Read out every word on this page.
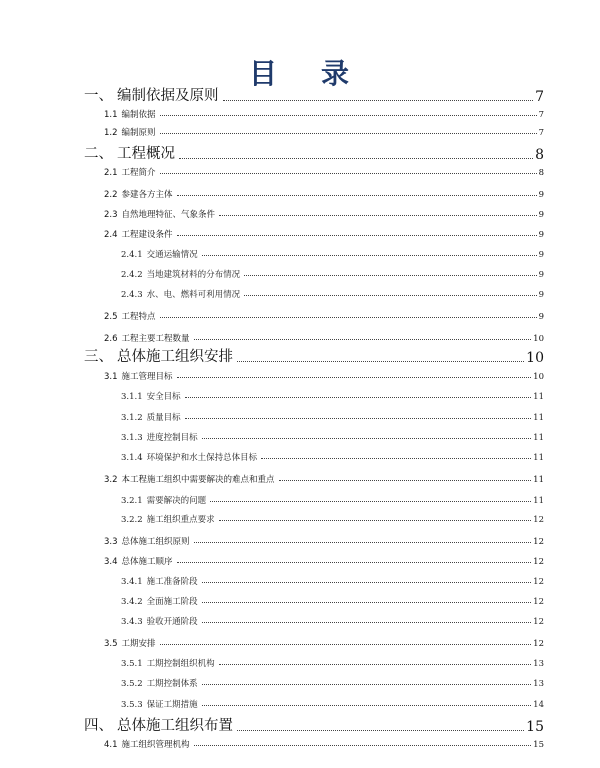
目 录
一、 编制依据及原则	7
1.1 编制依据	7
1.2 编制原则	7
二、 工程概况	8
2.1 工程简介	8
2.2 参建各方主体	9
2.3 自然地理特征、气象条件	9
2.4 工程建设条件	9
2.4.1 交通运输情况	9
2.4.2 当地建筑材料的分布情况	9
2.4.3 水、电、燃料可利用情况	9
2.5 工程特点	9
2.6 工程主要工程数量	10
三、 总体施工组织安排	10
3.1 施工管理目标	10
3.1.1 安全目标	11
3.1.2 质量目标	11
3.1.3 进度控制目标	11
3.1.4 环境保护和水土保持总体目标	11
3.2 本工程施工组织中需要解决的难点和重点	11
3.2.1 需要解决的问题	11
3.2.2 施工组织重点要求	12
3.3 总体施工组织原则	12
3.4 总体施工顺序	12
3.4.1 施工准备阶段	12
3.4.2 全面施工阶段	12
3.4.3 验收开通阶段	12
3.5 工期安排	12
3.5.1 工期控制组织机构	13
3.5.2 工期控制体系	13
3.5.3 保证工期措施	14
四、 总体施工组织布置	15
4.1 施工组织管理机构	15
